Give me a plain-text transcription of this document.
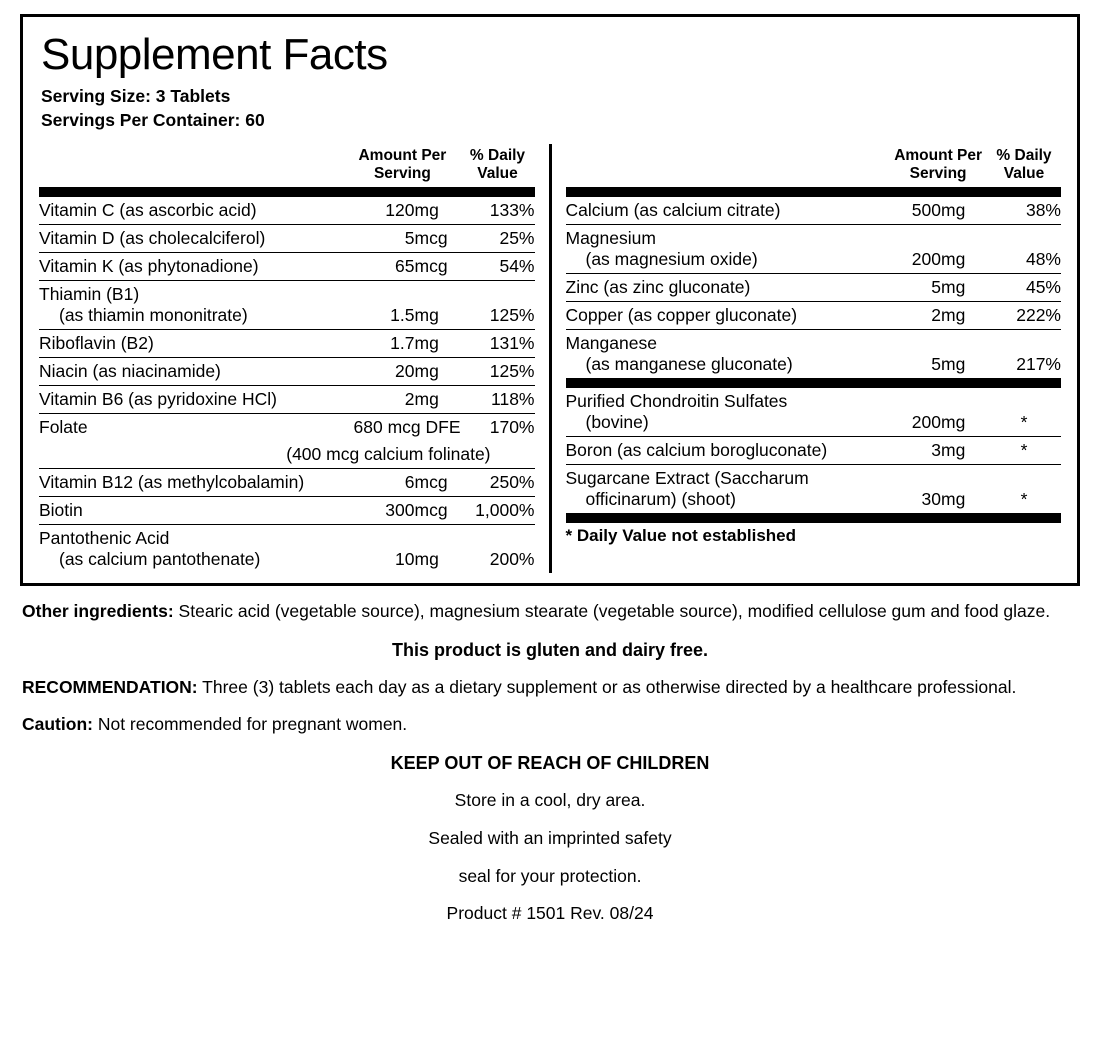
Supplement Facts
Serving Size: 3 Tablets
Servings Per Container: 60
	Amount Per
Serving		% Daily
Value

Vitamin C (as ascorbic acid)	120	mg	133%
Vitamin D (as cholecalciferol)	5	mcg	25%
Vitamin K (as phytonadione)	65	mcg	54%
Thiamin (B1)
(as thiamin mononitrate)	1.5	mg	125%
Riboflavin (B2)	1.7	mg	131%
Niacin (as niacinamide)	20	mg	125%
Vitamin B6 (as pyridoxine HCl)	2	mg	118%
Folate	680 mcg DFE		170%
(400 mcg calcium folinate)			
Vitamin B12 (as methylcobalamin)	6	mcg	250%
Biotin	300	mcg	1,000%
Pantothenic Acid
(as calcium pantothenate)	10	mg	200%
	Amount Per
Serving		% Daily
Value

Calcium (as calcium citrate)	500	mg	38%
Magnesium
(as magnesium oxide)	200	mg	48%
Zinc (as zinc gluconate)	5	mg	45%
Copper (as copper gluconate)	2	mg	222%
Manganese
(as manganese gluconate)	5	mg	217%

Purified Chondroitin Sulfates
(bovine)	200	mg	*
Boron (as calcium borogluconate)	3	mg	*
Sugarcane Extract (Saccharum
officinarum) (shoot)	30	mg	*

* Daily Value not established			

Other ingredients: Stearic acid (vegetable source), magnesium stearate (vegetable source), modified cellulose gum and food glaze.

This product is gluten and dairy free.

RECOMMENDATION: Three (3) tablets each day as a dietary supplement or as otherwise directed by a healthcare professional.

Caution: Not recommended for pregnant women.

KEEP OUT OF REACH OF CHILDREN

Store in a cool, dry area.

Sealed with an imprinted safety

seal for your protection.

Product # 1501 Rev. 08/24
